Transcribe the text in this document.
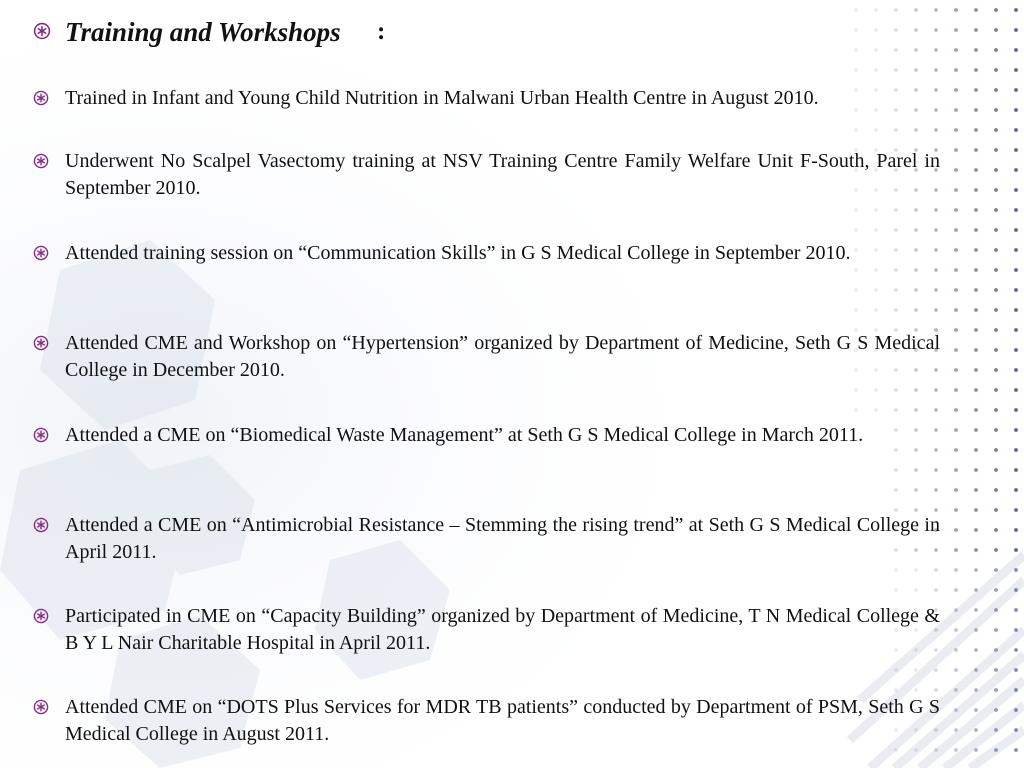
Training and Workshops :
Trained in Infant and Young Child Nutrition in Malwani Urban Health Centre in August 2010.
Underwent No Scalpel Vasectomy training at NSV Training Centre Family Welfare Unit F-South, Parel in September 2010.
Attended training session on “Communication Skills” in G S Medical College in September 2010.
Attended CME and Workshop on “Hypertension” organized by Department of Medicine, Seth G S Medical College in December 2010.
Attended a CME on “Biomedical Waste Management” at Seth G S Medical College in March 2011.
Attended a CME on “Antimicrobial Resistance – Stemming the rising trend” at Seth G S Medical College in April 2011.
Participated in CME on “Capacity Building” organized by Department of Medicine, T N Medical College & B Y L Nair Charitable Hospital in April 2011.
Attended CME on “DOTS Plus Services for MDR TB patients” conducted by Department of PSM, Seth G S Medical College in August 2011.
